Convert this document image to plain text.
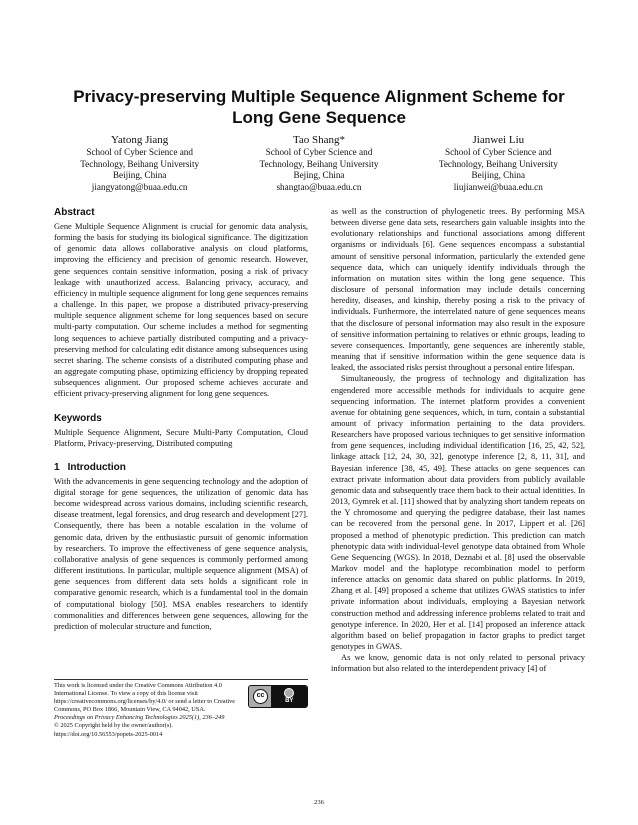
Privacy-preserving Multiple Sequence Alignment Scheme for
Long Gene Sequence
Yatong Jiang
School of Cyber Science and
Technology, Beihang University
Beijing, China
jiangyatong@buaa.edu.cn
Tao Shang*
School of Cyber Science and
Technology, Beihang University
Bejing, China
shangtao@buaa.edu.cn
Jianwei Liu
School of Cyber Science and
Technology, Beihang University
Beijing, China
liujianwei@buaa.edu.cn
Abstract

Gene Multiple Sequence Alignment is crucial for genomic data analysis, forming the basis for studying its biological significance. The digitization of genomic data allows collaborative analysis on cloud platforms, improving the efficiency and precision of genomic research. However, gene sequences contain sensitive information, posing a risk of privacy leakage with unauthorized access. Balancing privacy, accuracy, and efficiency in multiple sequence alignment for long gene sequences remains a challenge. In this paper, we propose a distributed privacy-preserving multiple sequence alignment scheme for long sequences based on secure multi-party computation. Our scheme includes a method for segmenting long sequences to achieve partially distributed computing and a privacy-preserving method for calculating edit distance among subsequences using secret sharing. The scheme consists of a distributed computing phase and an aggregate computing phase, optimizing efficiency by dropping repeated subsequences alignment. Our proposed scheme achieves accurate and efficient privacy-preserving alignment for long gene sequences.

Keywords

Multiple Sequence Alignment, Secure Multi-Party Computation, Cloud Platform, Privacy-preserving, Distributed computing

1 Introduction

With the advancements in gene sequencing technology and the adoption of digital storage for gene sequences, the utilization of genomic data has become widespread across various domains, including scientific research, disease treatment, legal forensics, and drug research and development [27]. Consequently, there has been a notable escalation in the volume of genomic data, driven by the enthusiastic pursuit of genomic information by researchers. To improve the effectiveness of gene sequence analysis, collaborative analysis of gene sequences is commonly performed among different institutions. In particular, multiple sequence alignment (MSA) of gene sequences from different data sets holds a significant role in comparative genomic research, which is a fundamental tool in the domain of computational biology [50]. MSA enables researchers to identify commonalities and differences between gene sequences, allowing for the prediction of molecular structure and function,

as well as the construction of phylogenetic trees. By performing MSA between diverse gene data sets, researchers gain valuable insights into the evolutionary relationships and functional associations among different organisms or individuals [6]. Gene sequences encompass a substantial amount of sensitive personal information, particularly the extended gene sequence data, which can uniquely identify individuals through the information on mutation sites within the long gene sequence. This disclosure of personal information may include details concerning heredity, diseases, and kinship, thereby posing a risk to the privacy of individuals. Furthermore, the interrelated nature of gene sequences means that the disclosure of personal information may also result in the exposure of sensitive information pertaining to relatives or ethnic groups, leading to severe consequences. Importantly, gene sequences are inherently stable, meaning that if sensitive information within the gene sequence data is leaked, the associated risks persist throughout a personal entire lifespan.

Simultaneously, the progress of technology and digitalization has engendered more accessible methods for individuals to acquire gene sequencing information. The internet platform provides a convenient avenue for obtaining gene sequences, which, in turn, contain a substantial amount of privacy information pertaining to the data providers. Researchers have proposed various techniques to get sensitive information from gene sequences, including individual identification [16, 25, 42, 52], linkage attack [12, 24, 30, 32], genotype inference [2, 8, 11, 31], and Bayesian inference [38, 45, 49]. These attacks on gene sequences can extract private information about data providers from publicly available genomic data and subsequently trace them back to their actual identities. In 2013, Gymrek et al. [11] showed that by analyzing short tandem repeats on the Y chromosome and querying the pedigree database, their last names can be recovered from the personal gene. In 2017, Lippert et al. [26] proposed a method of phenotypic prediction. This prediction can match phenotypic data with individual-level genotype data obtained from Whole Gene Sequencing (WGS). In 2018, Deznabi et al. [8] used the observable Markov model and the haplotype recombination model to perform inference attacks on genomic data shared on public platforms. In 2019, Zhang et al. [49] proposed a scheme that utilizes GWAS statistics to infer private information about individuals, employing a Bayesian network construction method and addressing inference problems related to trait and genotype inference. In 2020, Her et al. [14] proposed an inference attack algorithm based on belief propagation in factor graphs to predict target genotypes in GWAS.

As we know, genomic data is not only related to personal privacy information but also related to the interdependent privacy [4] of

This work is licensed under the Creative Commons Attribution 4.0 International License. To view a copy of this license visit https://creativecommons.org/licenses/by/4.0/ or send a letter to Creative Commons, PO Box 1866, Mountain View, CA 94042, USA.
cc
BY
Proceedings on Privacy Enhancing Technologies 2025(1), 236–249
© 2025 Copyright held by the owner/author(s).
https://doi.org/10.56553/popets-2025-0014
236
